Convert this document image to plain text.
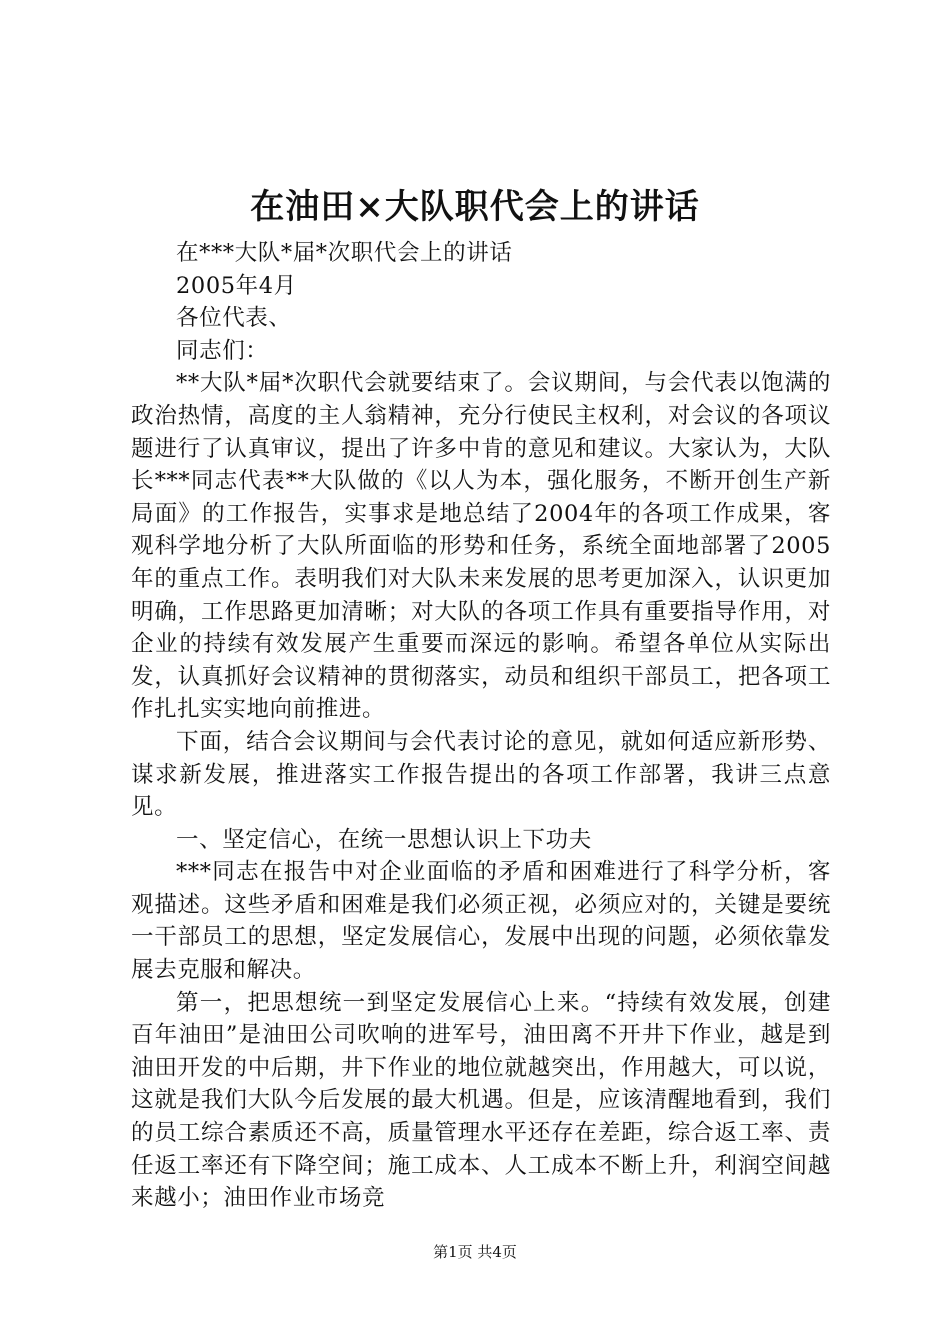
在油田×大队职代会上的讲话

在***大队*届*次职代会上的讲话

2005年4月

各位代表、

同志们：

**大队*届*次职代会就要结束了。会议期间，与会代表以饱满的政治热情，高度的主人翁精神，充分行使民主权利，对会议的各项议题进行了认真审议，提出了许多中肯的意见和建议。大家认为，大队长***同志代表**大队做的《以人为本，强化服务，不断开创生产新局面》的工作报告，实事求是地总结了2004年的各项工作成果，客观科学地分析了大队所面临的形势和任务，系统全面地部署了2005年的重点工作。表明我们对大队未来发展的思考更加深入，认识更加明确，工作思路更加清晰；对大队的各项工作具有重要指导作用，对企业的持续有效发展产生重要而深远的影响。希望各单位从实际出发，认真抓好会议精神的贯彻落实，动员和组织干部员工，把各项工作扎扎实实地向前推进。

下面，结合会议期间与会代表讨论的意见，就如何适应新形势、谋求新发展，推进落实工作报告提出的各项工作部署，我讲三点意见。

一、坚定信心，在统一思想认识上下功夫

***同志在报告中对企业面临的矛盾和困难进行了科学分析，客观描述。这些矛盾和困难是我们必须正视，必须应对的，关键是要统一干部员工的思想，坚定发展信心，发展中出现的问题，必须依靠发展去克服和解决。

第一，把思想统一到坚定发展信心上来。“持续有效发展，创建百年油田”是油田公司吹响的进军号，油田离不开井下作业，越是到油田开发的中后期，井下作业的地位就越突出，作用越大，可以说，这就是我们大队今后发展的最大机遇。但是，应该清醒地看到，我们的员工综合素质还不高，质量管理水平还存在差距，综合返工率、责任返工率还有下降空间；施工成本、人工成本不断上升，利润空间越来越小；油田作业市场竞

第1页 共4页
